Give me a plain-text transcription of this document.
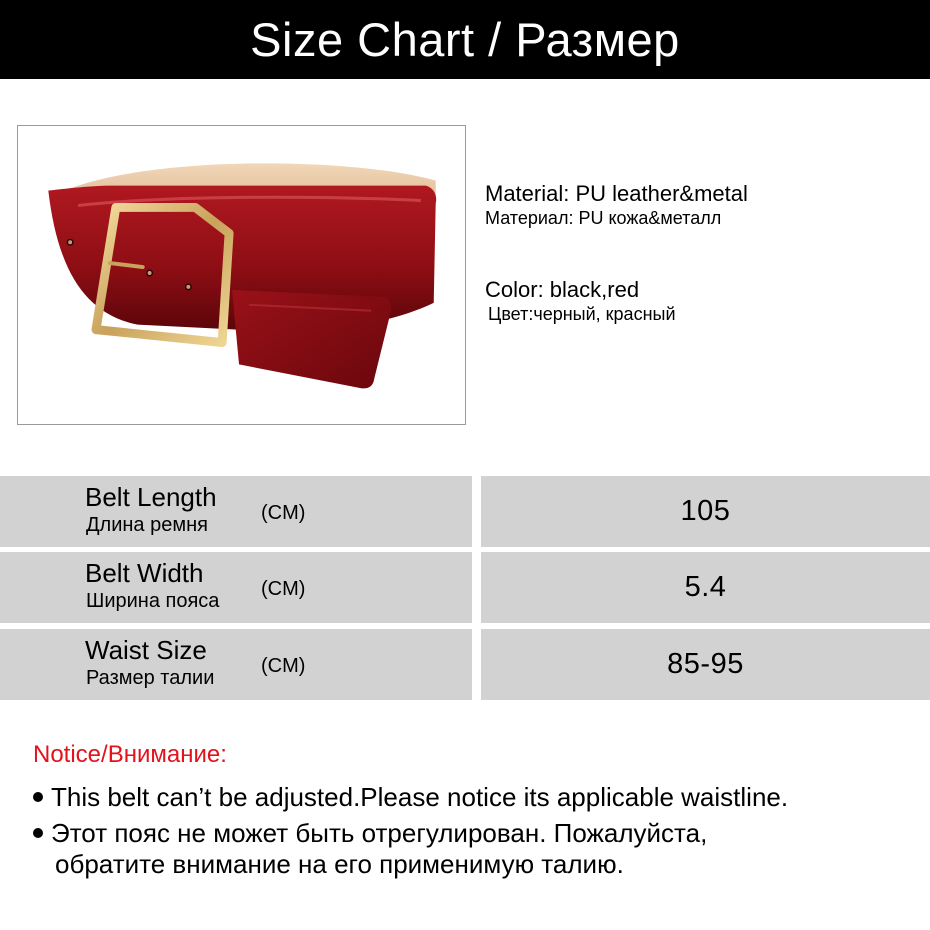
Size Chart / Размер
Material: PU leather&metal
Материал: PU кожа&металл
Color: black,red
Цвет:черный, красный
Belt Length
Длина ремня
(CM)	105
Belt Width
Ширина пояса
(CM)	5.4
Waist Size
Размер талии
(CM)	85-95
Notice/Внимание:
This belt can’t be adjusted.Please notice its applicable waistline.
Этот пояс не может быть отрегулирован. Пожалуйста,
обратите внимание на его применимую талию.
